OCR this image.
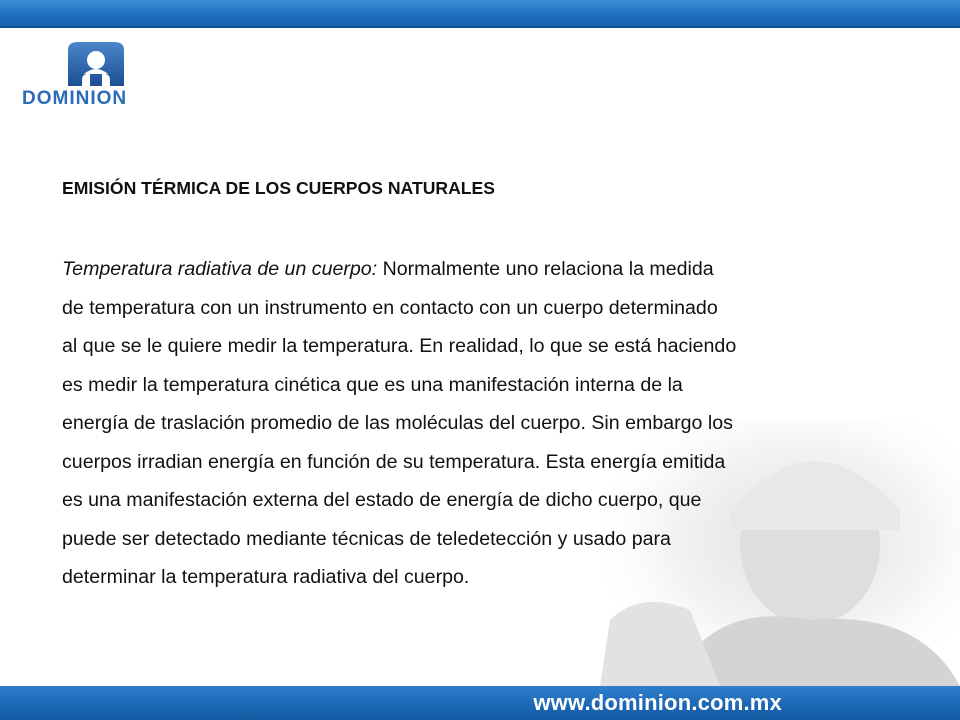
DOMINION
EMISIÓN TÉRMICA DE LOS CUERPOS NATURALES
Temperatura radiativa de un cuerpo: Normalmente uno relaciona la medida
de temperatura con un instrumento en contacto con un cuerpo determinado
al que se le quiere medir la temperatura. En realidad, lo que se está haciendo
es medir la temperatura cinética que es una manifestación interna de la
energía de traslación promedio de las moléculas del cuerpo. Sin embargo los
cuerpos irradian energía en función de su temperatura. Esta energía emitida
es una manifestación externa del estado de energía de dicho cuerpo, que
puede ser detectado mediante técnicas de teledetección y usado para
determinar la temperatura radiativa del cuerpo.
www.dominion.com.mx
